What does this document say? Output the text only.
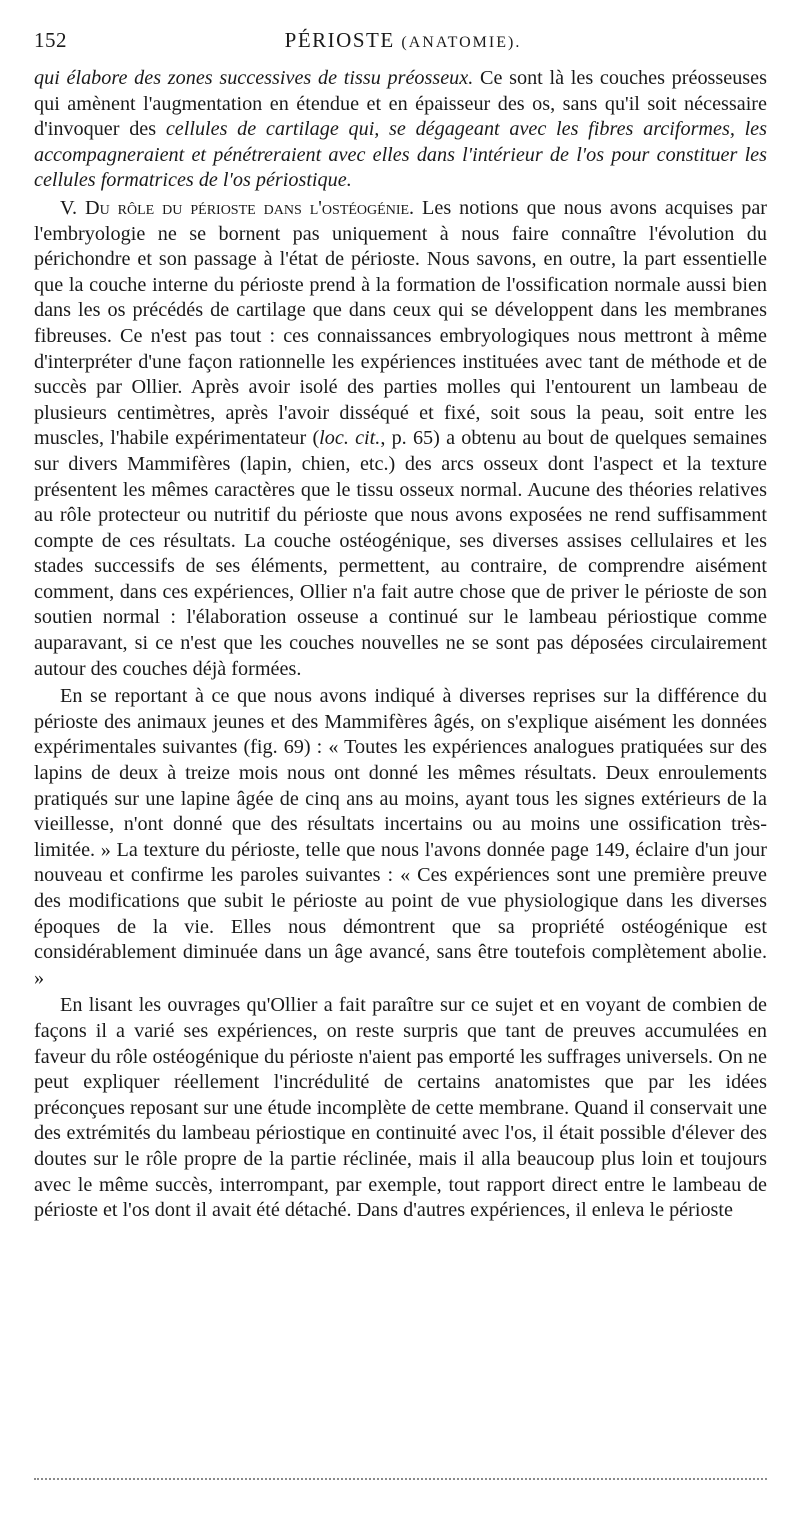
152	PÉRIOSTE (ANATOMIE).

qui élabore des zones successives de tissu préosseux. Ce sont là les couches préosseuses qui amènent l'augmentation en étendue et en épaisseur des os, sans qu'il soit nécessaire d'invoquer des cellules de cartilage qui, se dégageant avec les fibres arciformes, les accompagneraient et pénétreraient avec elles dans l'intérieur de l'os pour constituer les cellules formatrices de l'os périostique.

V. Du rôle du périoste dans l'ostéogénie. Les notions que nous avons acquises par l'embryologie ne se bornent pas uniquement à nous faire connaître l'évolution du périchondre et son passage à l'état de périoste. Nous savons, en outre, la part essentielle que la couche interne du périoste prend à la formation de l'ossification normale aussi bien dans les os précédés de cartilage que dans ceux qui se développent dans les membranes fibreuses. Ce n'est pas tout : ces connaissances embryologiques nous mettront à même d'interpréter d'une façon rationnelle les expériences instituées avec tant de méthode et de succès par Ollier. Après avoir isolé des parties molles qui l'entourent un lambeau de plusieurs centimètres, après l'avoir disséqué et fixé, soit sous la peau, soit entre les muscles, l'habile expérimentateur (loc. cit., p. 65) a obtenu au bout de quelques semaines sur divers Mammifères (lapin, chien, etc.) des arcs osseux dont l'aspect et la texture présentent les mêmes caractères que le tissu osseux normal. Aucune des théories relatives au rôle protecteur ou nutritif du périoste que nous avons exposées ne rend suffisamment compte de ces résultats. La couche ostéogénique, ses diverses assises cellulaires et les stades successifs de ses éléments, permettent, au contraire, de comprendre aisément comment, dans ces expériences, Ollier n'a fait autre chose que de priver le périoste de son soutien normal : l'élaboration osseuse a continué sur le lambeau périostique comme auparavant, si ce n'est que les couches nouvelles ne se sont pas déposées circulairement autour des couches déjà formées.

En se reportant à ce que nous avons indiqué à diverses reprises sur la différence du périoste des animaux jeunes et des Mammifères âgés, on s'explique aisément les données expérimentales suivantes (fig. 69) : « Toutes les expériences analogues pratiquées sur des lapins de deux à treize mois nous ont donné les mêmes résultats. Deux enroulements pratiqués sur une lapine âgée de cinq ans au moins, ayant tous les signes extérieurs de la vieillesse, n'ont donné que des résultats incertains ou au moins une ossification très-limitée. » La texture du périoste, telle que nous l'avons donnée page 149, éclaire d'un jour nouveau et confirme les paroles suivantes : « Ces expériences sont une première preuve des modifications que subit le périoste au point de vue physiologique dans les diverses époques de la vie. Elles nous démontrent que sa propriété ostéogénique est considérablement diminuée dans un âge avancé, sans être toutefois complètement abolie. »

En lisant les ouvrages qu'Ollier a fait paraître sur ce sujet et en voyant de combien de façons il a varié ses expériences, on reste surpris que tant de preuves accumulées en faveur du rôle ostéogénique du périoste n'aient pas emporté les suffrages universels. On ne peut expliquer réellement l'incrédulité de certains anatomistes que par les idées préconçues reposant sur une étude incomplète de cette membrane. Quand il conservait une des extrémités du lambeau périostique en continuité avec l'os, il était possible d'élever des doutes sur le rôle propre de la partie réclinée, mais il alla beaucoup plus loin et toujours avec le même succès, interrompant, par exemple, tout rapport direct entre le lambeau de périoste et l'os dont il avait été détaché. Dans d'autres expériences, il enleva le périoste
